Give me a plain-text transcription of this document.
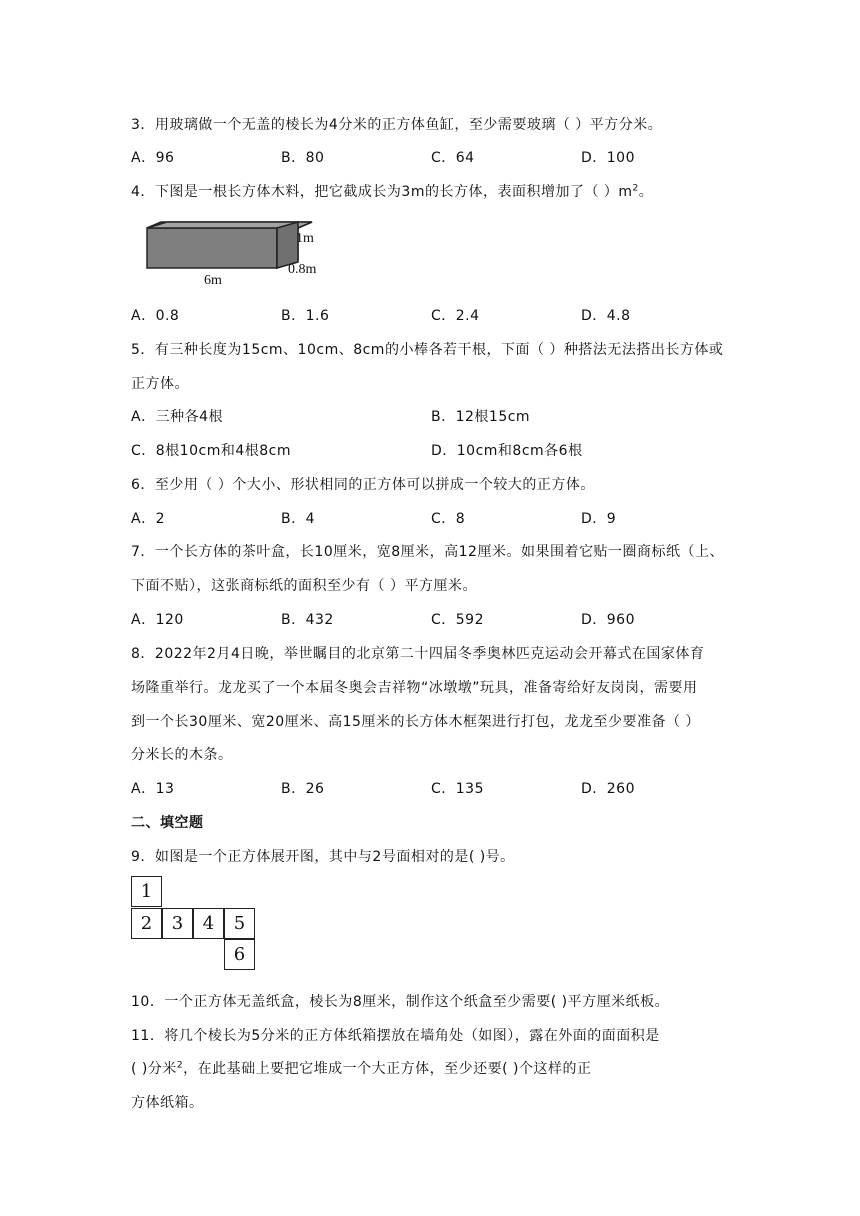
3．用玻璃做一个无盖的棱长为4分米的正方体鱼缸，至少需要玻璃（ ）平方分米。
A．96	B．80	C．64	D．100
4．下图是一根长方体木料，把它截成长为3m的长方体，表面积增加了（ ）$m^2$。
6m
1m
0.8m
A．0.8	B．1.6	C．2.4	D．4.8
5．有三种长度为15cm、10cm、8cm的小棒各若干根，下面（ ）种搭法无法搭出长方体或
正方体。
A．三种各4根	B．12根15cm
C．8根10cm和4根8cm	D．10cm和8cm各6根
6．至少用（ ）个大小、形状相同的正方体可以拼成一个较大的正方体。
A．2	B．4	C．8	D．9
7．一个长方体的茶叶盒，长10厘米，宽8厘米，高12厘米。如果围着它贴一圈商标纸（上、
下面不贴），这张商标纸的面积至少有（ ）平方厘米。
A．120	B．432	C．592	D．960
8．2022年2月4日晚，举世瞩目的北京第二十四届冬季奥林匹克运动会开幕式在国家体育
场隆重举行。龙龙买了一个本届冬奥会吉祥物“冰墩墩”玩具，准备寄给好友岗岗，需要用
到一个长30厘米、宽20厘米、高15厘米的长方体木框架进行打包，龙龙至少要准备（ ）
分米长的木条。
A．13	B．26	C．135	D．260
二、填空题
9．如图是一个正方体展开图，其中与2号面相对的是( )号。
1
2	3	4	5
6
10．一个正方体无盖纸盒，棱长为8厘米，制作这个纸盒至少需要( )平方厘米纸板。
11．将几个棱长为5分米的正方体纸箱摆放在墙角处（如图），露在外面的面面积是
( )分米$^2$，在此基础上要把它堆成一个大正方体，至少还要( )个这样的正
方体纸箱。
